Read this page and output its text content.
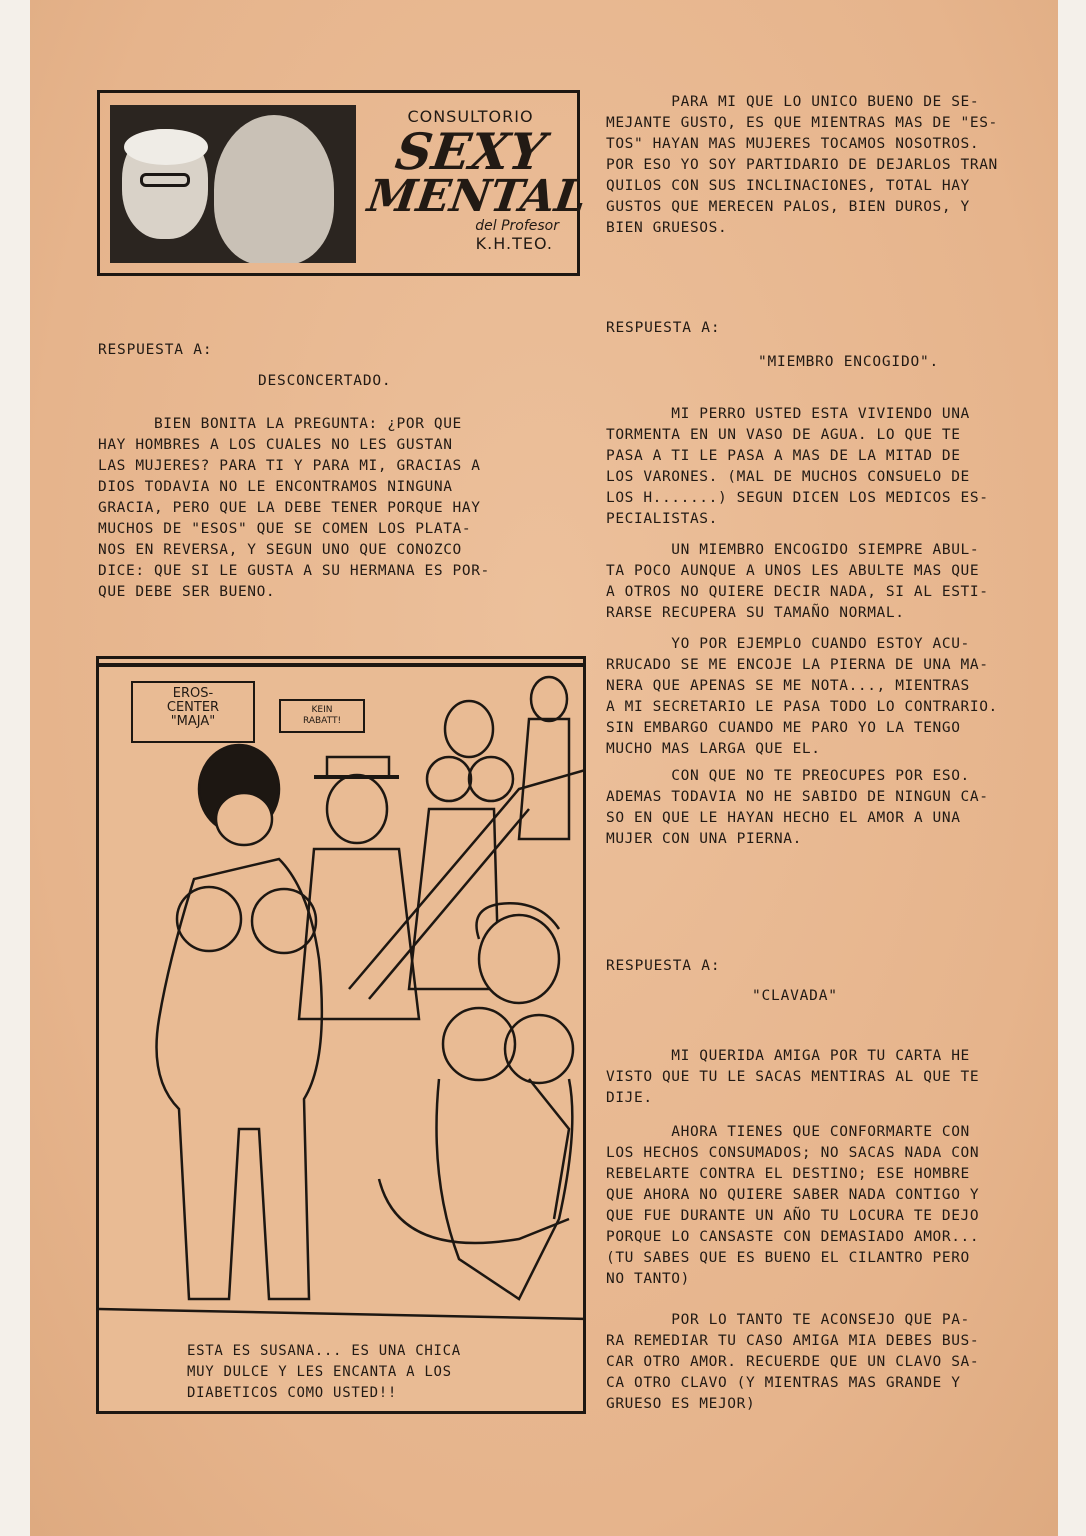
CONSULTORIO
SEXY
MENTAL
del Profesor
K.H.TEO.
RESPUESTA A:
DESCONCERTADO.
BIEN BONITA LA PREGUNTA: ¿POR QUE
HAY HOMBRES A LOS CUALES NO LES GUSTAN
LAS MUJERES? PARA TI Y PARA MI, GRACIAS A
DIOS TODAVIA NO LE ENCONTRAMOS NINGUNA
GRACIA, PERO QUE LA DEBE TENER PORQUE HAY
MUCHOS DE "ESOS" QUE SE COMEN LOS PLATA-
NOS EN REVERSA, Y SEGUN UNO QUE CONOZCO
DICE: QUE SI LE GUSTA A SU HERMANA ES POR-
QUE DEBE SER BUENO.
EROS-
CENTER
"MAJA"
KEIN
RABATT!
ESTA ES SUSANA... ES UNA CHICA
MUY DULCE Y LES ENCANTA A LOS
DIABETICOS COMO USTED!!
PARA MI QUE LO UNICO BUENO DE SE-
MEJANTE GUSTO, ES QUE MIENTRAS MAS DE "ES-
TOS" HAYAN MAS MUJERES TOCAMOS NOSOTROS.
POR ESO YO SOY PARTIDARIO DE DEJARLOS TRAN
QUILOS CON SUS INCLINACIONES, TOTAL HAY
GUSTOS QUE MERECEN PALOS, BIEN DUROS, Y
BIEN GRUESOS.
RESPUESTA A:
"MIEMBRO ENCOGIDO".
MI PERRO USTED ESTA VIVIENDO UNA
TORMENTA EN UN VASO DE AGUA. LO QUE TE
PASA A TI LE PASA A MAS DE LA MITAD DE
LOS VARONES. (MAL DE MUCHOS CONSUELO DE
LOS H.......) SEGUN DICEN LOS MEDICOS ES-
PECIALISTAS.
UN MIEMBRO ENCOGIDO SIEMPRE ABUL-
TA POCO AUNQUE A UNOS LES ABULTE MAS QUE
A OTROS NO QUIERE DECIR NADA, SI AL ESTI-
RARSE RECUPERA SU TAMAÑO NORMAL.
YO POR EJEMPLO CUANDO ESTOY ACU-
RRUCADO SE ME ENCOJE LA PIERNA DE UNA MA-
NERA QUE APENAS SE ME NOTA..., MIENTRAS
A MI SECRETARIO LE PASA TODO LO CONTRARIO.
SIN EMBARGO CUANDO ME PARO YO LA TENGO
MUCHO MAS LARGA QUE EL.
CON QUE NO TE PREOCUPES POR ESO.
ADEMAS TODAVIA NO HE SABIDO DE NINGUN CA-
SO EN QUE LE HAYAN HECHO EL AMOR A UNA
MUJER CON UNA PIERNA.
RESPUESTA A:
"CLAVADA"
MI QUERIDA AMIGA POR TU CARTA HE
VISTO QUE TU LE SACAS MENTIRAS AL QUE TE
DIJE.
AHORA TIENES QUE CONFORMARTE CON
LOS HECHOS CONSUMADOS; NO SACAS NADA CON
REBELARTE CONTRA EL DESTINO; ESE HOMBRE
QUE AHORA NO QUIERE SABER NADA CONTIGO Y
QUE FUE DURANTE UN AÑO TU LOCURA TE DEJO
PORQUE LO CANSASTE CON DEMASIADO AMOR...
(TU SABES QUE ES BUENO EL CILANTRO PERO
NO TANTO)
POR LO TANTO TE ACONSEJO QUE PA-
RA REMEDIAR TU CASO AMIGA MIA DEBES BUS-
CAR OTRO AMOR. RECUERDE QUE UN CLAVO SA-
CA OTRO CLAVO (Y MIENTRAS MAS GRANDE Y
GRUESO ES MEJOR)
